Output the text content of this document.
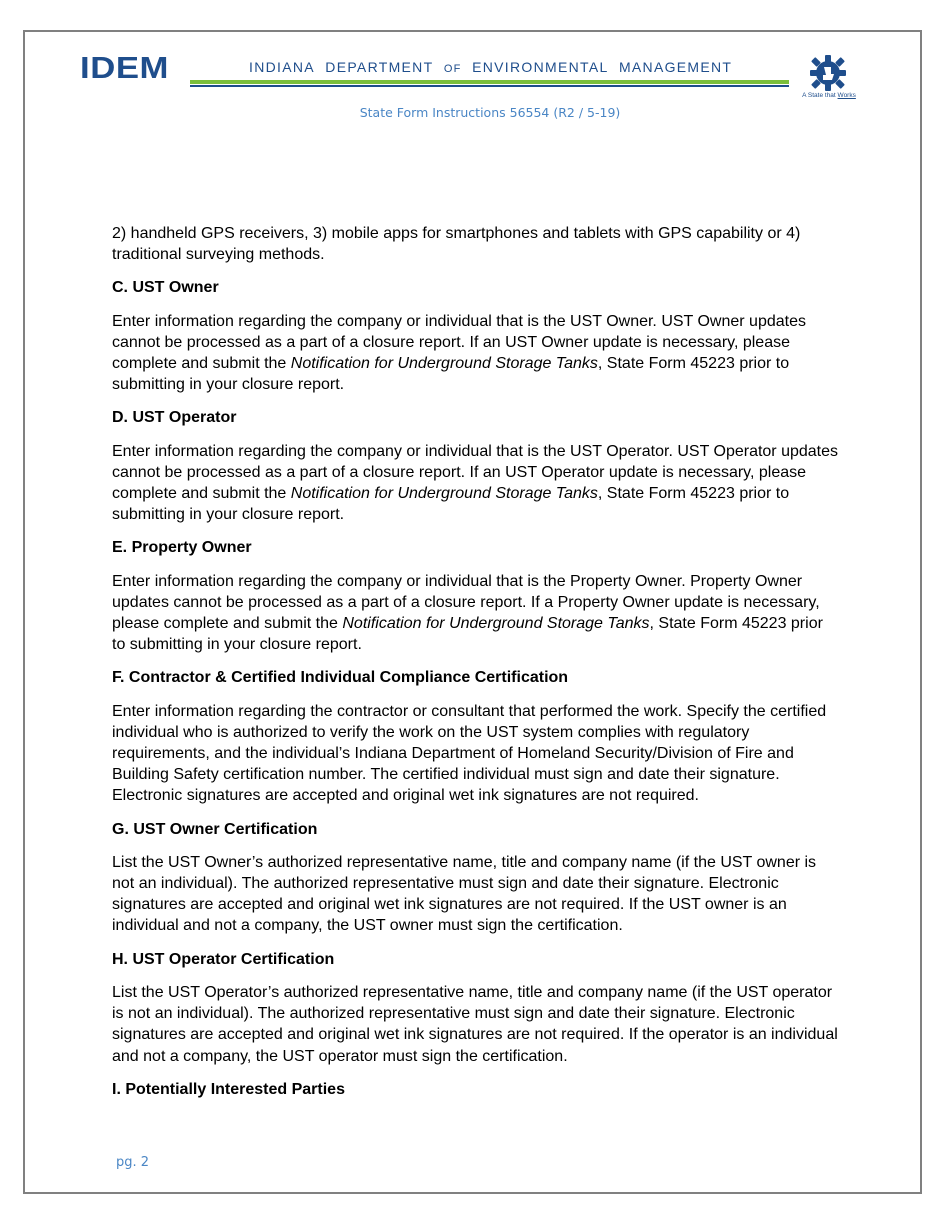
IDEM	INDIANA DEPARTMENT OF ENVIRONMENTAL MANAGEMENT
A State that Works
State Form Instructions 56554 (R2 / 5-19)

2) handheld GPS receivers, 3) mobile apps for smartphones and tablets with GPS capability or 4) traditional surveying methods.

C. UST Owner

Enter information regarding the company or individual that is the UST Owner. UST Owner updates cannot be processed as a part of a closure report. If an UST Owner update is necessary, please complete and submit the Notification for Underground Storage Tanks, State Form 45223 prior to submitting in your closure report.

D. UST Operator

Enter information regarding the company or individual that is the UST Operator. UST Operator updates cannot be processed as a part of a closure report. If an UST Operator update is necessary, please complete and submit the Notification for Underground Storage Tanks, State Form 45223 prior to submitting in your closure report.

E. Property Owner

Enter information regarding the company or individual that is the Property Owner. Property Owner updates cannot be processed as a part of a closure report. If a Property Owner update is necessary, please complete and submit the Notification for Underground Storage Tanks, State Form 45223 prior to submitting in your closure report.

F. Contractor & Certified Individual Compliance Certification

Enter information regarding the contractor or consultant that performed the work. Specify the certified individual who is authorized to verify the work on the UST system complies with regulatory requirements, and the individual’s Indiana Department of Homeland Security/Division of Fire and Building Safety certification number. The certified individual must sign and date their signature. Electronic signatures are accepted and original wet ink signatures are not required.

G. UST Owner Certification

List the UST Owner’s authorized representative name, title and company name (if the UST owner is not an individual). The authorized representative must sign and date their signature. Electronic signatures are accepted and original wet ink signatures are not required. If the UST owner is an individual and not a company, the UST owner must sign the certification.

H. UST Operator Certification

List the UST Operator’s authorized representative name, title and company name (if the UST operator is not an individual). The authorized representative must sign and date their signature. Electronic signatures are accepted and original wet ink signatures are not required. If the operator is an individual and not a company, the UST operator must sign the certification.

I. Potentially Interested Parties
pg. 2
